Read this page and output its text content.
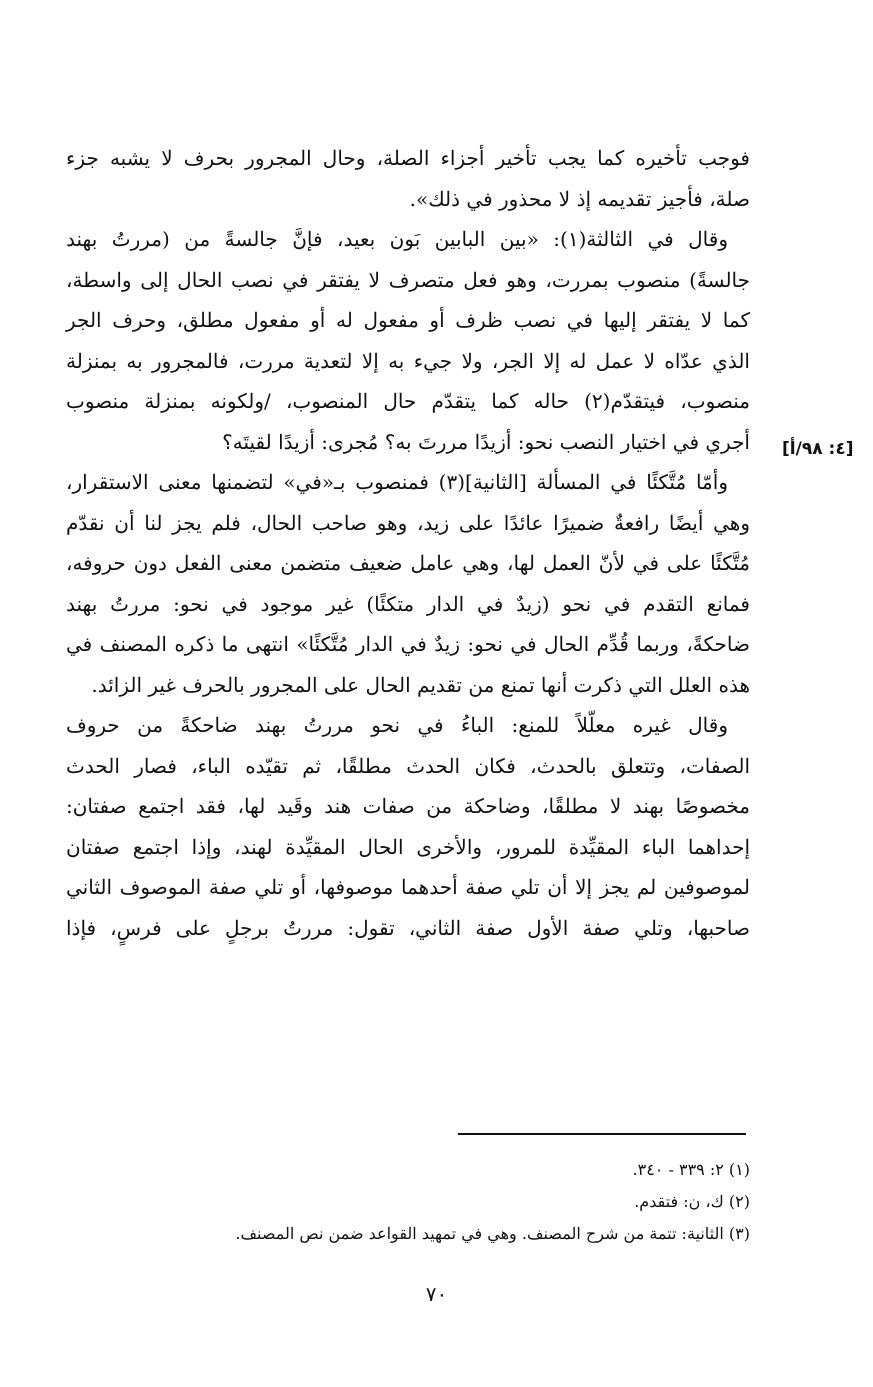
فوجب تأخيره كما يجب تأخير أجزاء الصلة، وحال المجرور بحرف لا يشبه جزء
صلة، فأجيز تقديمه إذ لا محذور في ذلك».
وقال في الثالثة(١): «بين البابين بَون بعيد، فإنَّ جالسةً من (مررتُ بهند
جالسةً) منصوب بمررت، وهو فعل متصرف لا يفتقر في نصب الحال إلى واسطة،
كما لا يفتقر إليها في نصب ظرف أو مفعول له أو مفعول مطلق، وحرف الجر
الذي عدّاه لا عمل له إلا الجر، ولا جيء به إلا لتعدية مررت، فالمجرور به بمنزلة
منصوب، فيتقدّم(٢) حاله كما يتقدّم حال المنصوب، /ولكونه بمنزلة منصوب
أجري في اختيار النصب نحو: أزيدًا مررتَ به؟ مُجرى: أزيدًا لقيتَه؟
وأمّا مُتَّكئًا في المسألة [الثانية](٣) فمنصوب بـ«في» لتضمنها معنى الاستقرار،
وهي أيضًا رافعةٌ ضميرًا عائدًا على زيد، وهو صاحب الحال، فلم يجز لنا أن نقدّم
مُتَّكئًا على في لأنّ العمل لها، وهي عامل ضعيف متضمن معنى الفعل دون حروفه،
فمانع التقدم في نحو (زيدٌ في الدار متكئًا) غير موجود في نحو: مررتُ بهند
ضاحكةً، وربما قُدِّم الحال في نحو: زيدٌ في الدار مُتَّكئًا» انتهى ما ذكره المصنف في
هذه العلل التي ذكرت أنها تمنع من تقديم الحال على المجرور بالحرف غير الزائد.
وقال غيره معلّلاً للمنع: الباءُ في نحو مررتُ بهند ضاحكةً من حروف
الصفات، وتتعلق بالحدث، فكان الحدث مطلقًا، ثم تقيّده الباء، فصار الحدث
مخصوصًا بهند لا مطلقًا، وضاحكة من صفات هند وقَيد لها، فقد اجتمع صفتان:
إحداهما الباء المقيِّدة للمرور، والأخرى الحال المقيِّدة لهند، وإذا اجتمع صفتان
لموصوفين لم يجز إلا أن تلي صفة أحدهما موصوفها، أو تلي صفة الموصوف الثاني
صاحبها، وتلي صفة الأول صفة الثاني، تقول: مررتُ برجلٍ على فرسٍ، فإذا
[٤: ٩٨/أ]
(١) ٢: ٣٣٩ - ٣٤٠.
(٢) ك، ن: فتقدم.
(٣) الثانية: تتمة من شرح المصنف. وهي في تمهيد القواعد ضمن نص المصنف.
٧٠
